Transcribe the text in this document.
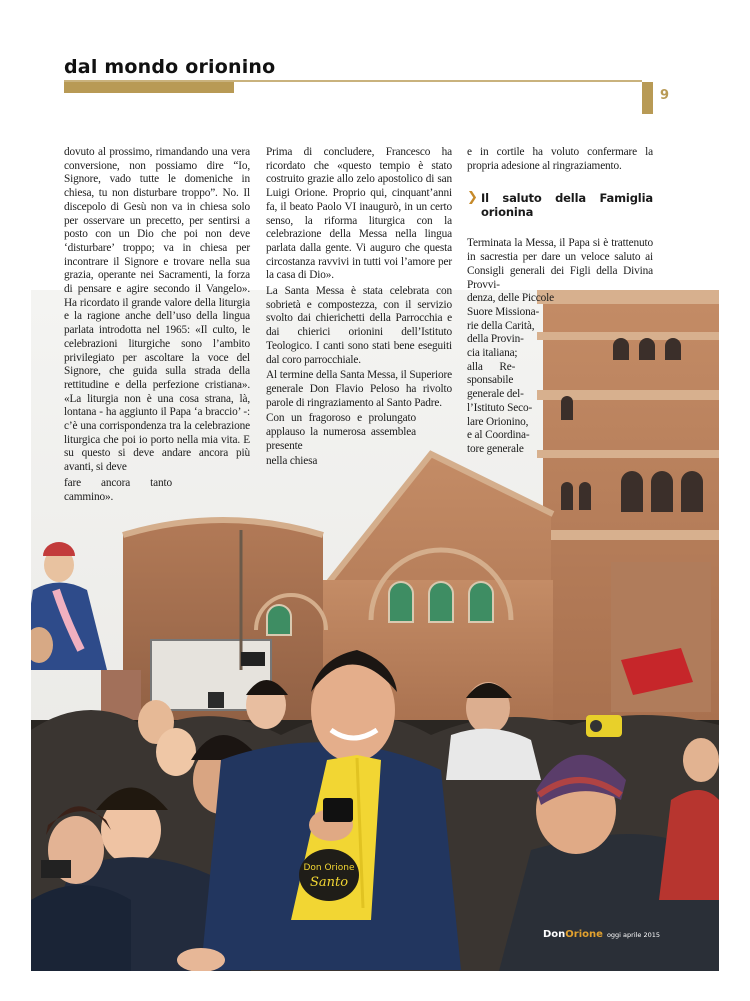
dal mondo orionino
9
Don Orione
Santo

dovuto al prossimo, rimandando una vera conversione, non possiamo dire “Io, Signore, vado tutte le domeniche in chiesa, tu non disturbare troppo”. No. Il discepolo di Gesù non va in chiesa solo per osservare un precetto, per sentirsi a posto con un Dio che poi non deve ‘disturbare’ troppo; va in chiesa per incontrare il Signore e trovare nella sua grazia, operante nei Sacramenti, la forza di pensare e agire secondo il Vangelo». Ha ricordato il grande valore della liturgia e la ragione anche dell’uso della lingua parlata introdotta nel 1965: «Il culto, le celebrazioni liturgiche sono l’ambito privilegiato per ascoltare la voce del Signore, che guida sulla strada della rettitudine e della perfezione cristiana». «La liturgia non è una cosa strana, là, lontana - ha aggiunto il Papa ‘a braccio’ -: c’è una corrispondenza tra la celebrazione liturgica che poi io porto nella mia vita. E su questo si deve andare ancora più avanti, si deve

fare ancora tanto

cammino».

Prima di concludere, Francesco ha ricordato che «questo tempio è stato costruito grazie allo zelo apostolico di san Luigi Orione. Proprio qui, cinquant’anni fa, il beato Paolo VI inaugurò, in un certo senso, la riforma liturgica con la celebrazione della Messa nella lingua parlata dalla gente. Vi auguro che questa circostanza ravvivi in tutti voi l’amore per la casa di Dio».

La Santa Messa è stata celebrata con sobrietà e compostezza, con il servizio svolto dai chierichetti della Parrocchia e dai chierici orionini dell’Istituto Teologico. I canti sono stati bene eseguiti dal coro parrocchiale.

Al termine della Santa Messa, il Superiore generale Don Flavio Peloso ha rivolto parole di ringraziamento al Santo Padre.

Con un fragoroso e prolungato applauso la numerosa assemblea presente

nella chiesa

e in cortile ha voluto confermare la propria adesione al ringraziamento.

❯ Il saluto della Famiglia orionina

Terminata la Messa, il Papa si è trattenuto in sacrestia per dare un veloce saluto ai Consigli generali dei Figli della Divina Provvi-

denza, delle Piccole
Suore Missiona-
rie della Carità,
della Provin-
cia italiana;
alla Re-
sponsabile
generale del-
l’Istituto Seco-
lare Orionino,
e al Coordina-
tore generale
DonOrione oggi aprile 2015
